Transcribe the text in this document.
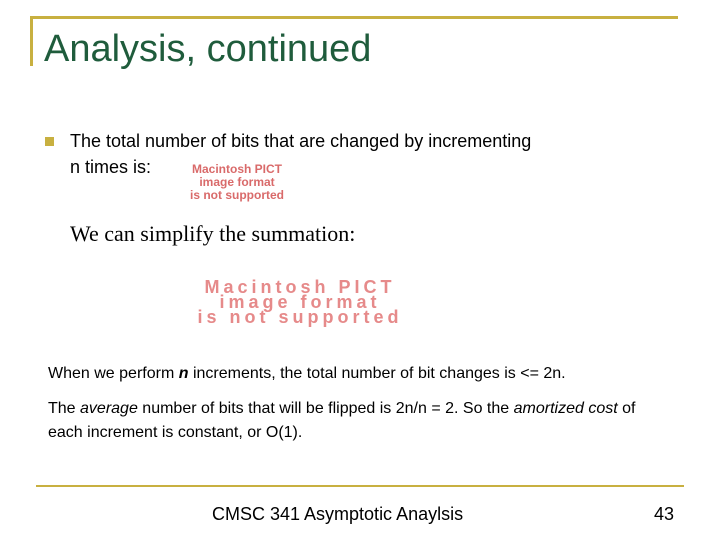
Analysis, continued
The total number of bits that are changed by incrementing
n times is:	Macintosh PICT
image format
is not supported
We can simplify the summation:
Macintosh PICT
image format
is not supported
When we perform n increments, the total number of bit changes is <= 2n.
The average number of bits that will be flipped is 2n/n = 2. So the amortized cost of each increment is constant, or O(1).
CMSC 341 Asymptotic Anaylsis	43
